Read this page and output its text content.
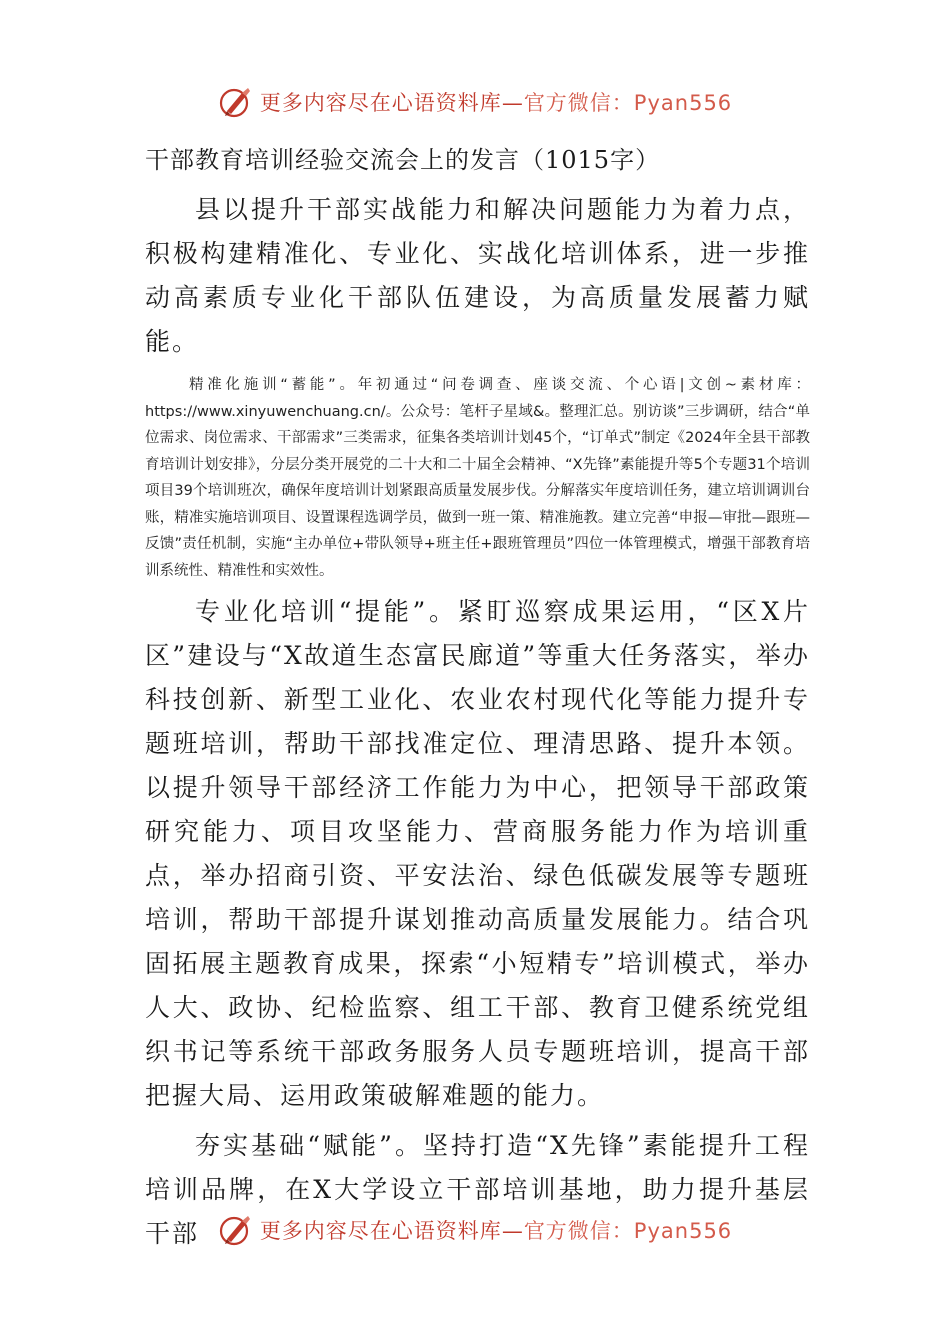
更多内容尽在心语资料库—官方微信：Pyan556
干部教育培训经验交流会上的发言（1015字）

县以提升干部实战能力和解决问题能力为着力点，积极构建精准化、专业化、实战化培训体系，进一步推动高素质专业化干部队伍建设，为高质量发展蓄力赋能。

精准化施训“蓄能”。年初通过“问卷调查、座谈交流、个心语|文创~素材库：https://www.xinyuwenchuang.cn/。公众号：笔杆子星域&。整理汇总。别访谈”三步调研，结合“单位需求、岗位需求、干部需求”三类需求，征集各类培训计划45个，“订单式”制定《2024年全县干部教育培训计划安排》，分层分类开展党的二十大和二十届全会精神、“X先锋”素能提升等5个专题31个培训项目39个培训班次，确保年度培训计划紧跟高质量发展步伐。分解落实年度培训任务，建立培训调训台账，精准实施培训项目、设置课程选调学员，做到一班一策、精准施教。建立完善“申报—审批—跟班—反馈”责任机制，实施“主办单位+带队领导+班主任+跟班管理员”四位一体管理模式，增强干部教育培训系统性、精准性和实效性。

专业化培训“提能”。紧盯巡察成果运用，“区X片区”建设与“X故道生态富民廊道”等重大任务落实，举办科技创新、新型工业化、农业农村现代化等能力提升专题班培训，帮助干部找准定位、理清思路、提升本领。以提升领导干部经济工作能力为中心，把领导干部政策研究能力、项目攻坚能力、营商服务能力作为培训重点，举办招商引资、平安法治、绿色低碳发展等专题班培训，帮助干部提升谋划推动高质量发展能力。结合巩固拓展主题教育成果，探索“小短精专”培训模式，举办人大、政协、纪检监察、组工干部、教育卫健系统党组织书记等系统干部政务服务人员专题班培训，提高干部把握大局、运用政策破解难题的能力。

夯实基础“赋能”。坚持打造“X先锋”素能提升工程培训品牌，在X大学设立干部培训基地，助力提升基层干部	更多内容尽在心语资料库—官方微信：Pyan556
